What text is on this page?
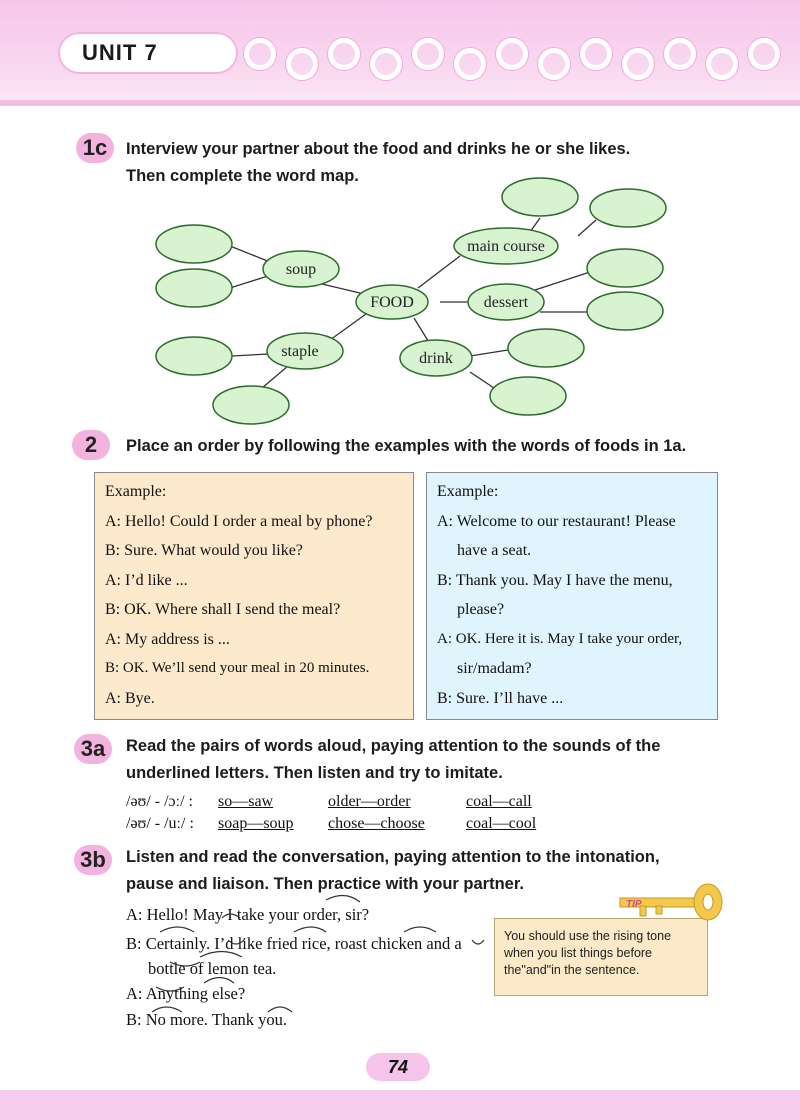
UNIT 7
1c	Interview your partner about the food and drinks he or she likes.
Then complete the word map.
soup
FOOD
main course
dessert
staple	drink
2	Place an order by following the examples with the words of foods in 1a.
Example:
A: Hello! Could I order a meal by phone?
B: Sure. What would you like?
A: I’d like ...
B: OK. Where shall I send the meal?
A: My address is ...
B: OK. We’ll send your meal in 20 minutes.
A: Bye.
Example:
A: Welcome to our restaurant! Please
have a seat.
B: Thank you. May I have the menu,
please?
A: OK. Here it is. May I take your order,
sir/madam?
B: Sure. I’ll have ...
3a	Read the pairs of words aloud, paying attention to the sounds of the
underlined letters. Then listen and try to imitate.
/əʊ/ - /ɔː/ : so—saw	older—order	coal—call
/əʊ/ - /uː/ : soap—soup chose—choose	coal—cool
3b	Listen and read the conversation, paying attention to the intonation,
pause and liaison. Then practice with your partner.
A: Hello! May I take your order, sir?
B: Certainly. I’d like fried rice, roast chicken and a
bottle of lemon tea.
A: Anything else?
B: No more. Thank you.
You should use the rising tone when you list things before the"and"in the sentence.
TIP
74
